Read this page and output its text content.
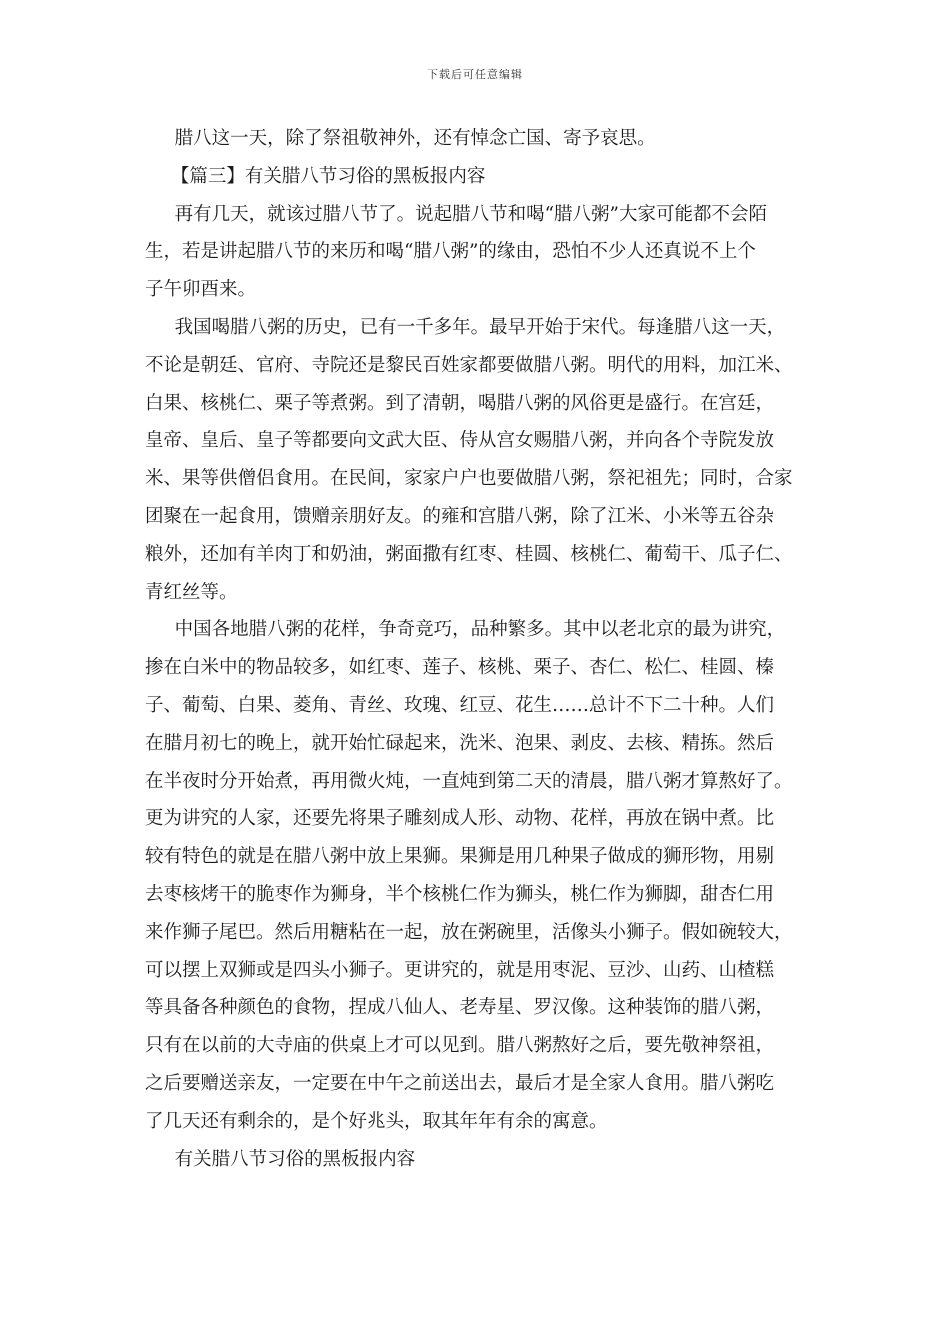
下载后可任意编辑

腊八这一天，除了祭祖敬神外，还有悼念亡国、寄予哀思。

【篇三】有关腊八节习俗的黑板报内容

再有几天，就该过腊八节了。说起腊八节和喝“腊八粥”大家可能都不会陌
生，若是讲起腊八节的来历和喝“腊八粥”的缘由，恐怕不少人还真说不上个
子午卯酉来。

我国喝腊八粥的历史，已有一千多年。最早开始于宋代。每逢腊八这一天，
不论是朝廷、官府、寺院还是黎民百姓家都要做腊八粥。明代的用料，加江米、
白果、核桃仁、栗子等煮粥。到了清朝，喝腊八粥的风俗更是盛行。在宫廷，
皇帝、皇后、皇子等都要向文武大臣、侍从宫女赐腊八粥，并向各个寺院发放
米、果等供僧侣食用。在民间，家家户户也要做腊八粥，祭祀祖先；同时，合家
团聚在一起食用，馈赠亲朋好友。的雍和宫腊八粥，除了江米、小米等五谷杂
粮外，还加有羊肉丁和奶油，粥面撒有红枣、桂圆、核桃仁、葡萄干、瓜子仁、
青红丝等。

中国各地腊八粥的花样，争奇竞巧，品种繁多。其中以老北京的最为讲究，
掺在白米中的物品较多，如红枣、莲子、核桃、栗子、杏仁、松仁、桂圆、榛
子、葡萄、白果、菱角、青丝、玫瑰、红豆、花生……总计不下二十种。人们
在腊月初七的晚上，就开始忙碌起来，洗米、泡果、剥皮、去核、精拣。然后
在半夜时分开始煮，再用微火炖，一直炖到第二天的清晨，腊八粥才算熬好了。
更为讲究的人家，还要先将果子雕刻成人形、动物、花样，再放在锅中煮。比
较有特色的就是在腊八粥中放上果狮。果狮是用几种果子做成的狮形物，用剔
去枣核烤干的脆枣作为狮身，半个核桃仁作为狮头，桃仁作为狮脚，甜杏仁用
来作狮子尾巴。然后用糖粘在一起，放在粥碗里，活像头小狮子。假如碗较大，
可以摆上双狮或是四头小狮子。更讲究的，就是用枣泥、豆沙、山药、山楂糕
等具备各种颜色的食物，捏成八仙人、老寿星、罗汉像。这种装饰的腊八粥，
只有在以前的大寺庙的供桌上才可以见到。腊八粥熬好之后，要先敬神祭祖，
之后要赠送亲友，一定要在中午之前送出去，最后才是全家人食用。腊八粥吃
了几天还有剩余的，是个好兆头，取其年年有余的寓意。

有关腊八节习俗的黑板报内容
